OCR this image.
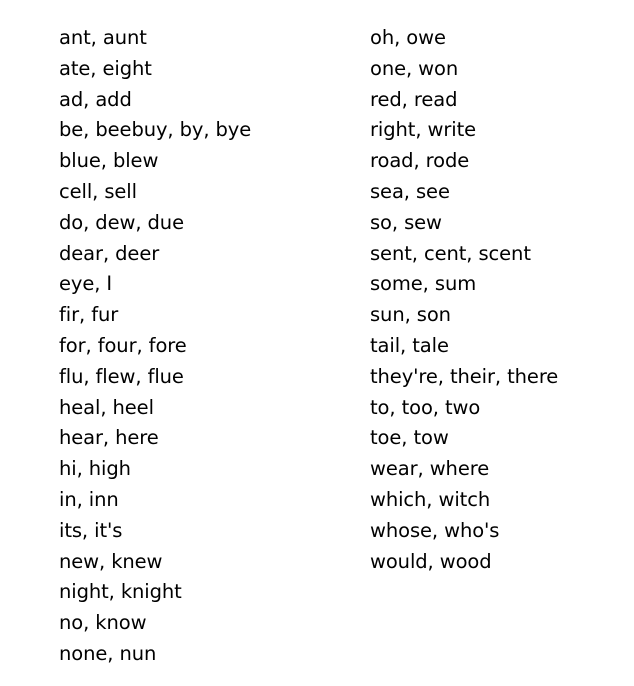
ant, aunt
ate, eight
ad, add
be, beebuy, by, bye
blue, blew
cell, sell
do, dew, due
dear, deer
eye, I
fir, fur
for, four, fore
flu, flew, flue
heal, heel
hear, here
hi, high
in, inn
its, it's
new, knew
night, knight
no, know
none, nun
oh, owe
one, won
red, read
right, write
road, rode
sea, see
so, sew
sent, cent, scent
some, sum
sun, son
tail, tale
they're, their, there
to, too, two
toe, tow
wear, where
which, witch
whose, who's
would, wood
